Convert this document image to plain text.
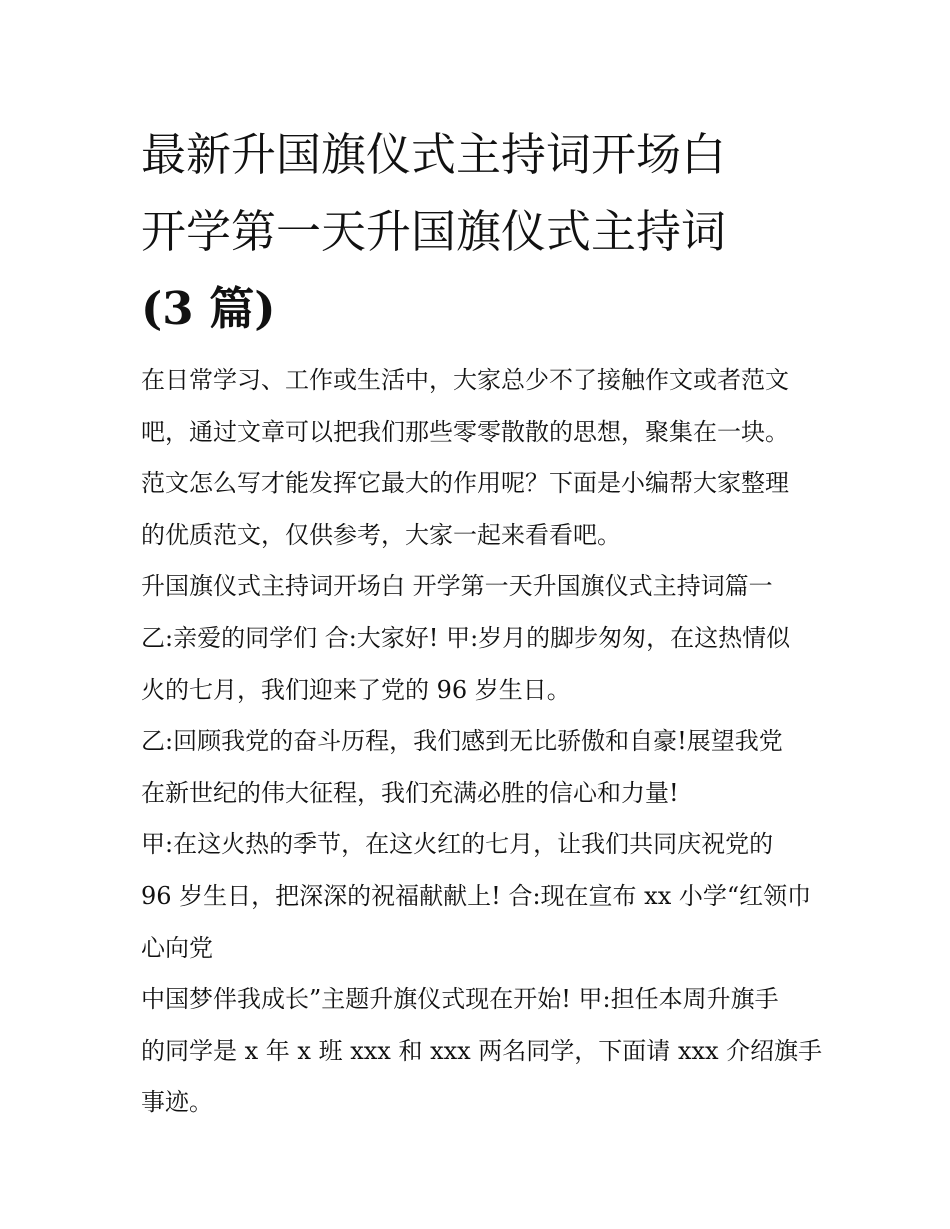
最新升国旗仪式主持词开场白
开学第一天升国旗仪式主持词
(3 篇)
在日常学习、工作或生活中，大家总少不了接触作文或者范文
吧，通过文章可以把我们那些零零散散的思想，聚集在一块。
范文怎么写才能发挥它最大的作用呢？下面是小编帮大家整理
的优质范文，仅供参考，大家一起来看看吧。
升国旗仪式主持词开场白 开学第一天升国旗仪式主持词篇一
乙:亲爱的同学们 合:大家好! 甲:岁月的脚步匆匆，在这热情似
火的七月，我们迎来了党的 96 岁生日。
乙:回顾我党的奋斗历程，我们感到无比骄傲和自豪!展望我党
在新世纪的伟大征程，我们充满必胜的信心和力量!
甲:在这火热的季节，在这火红的七月，让我们共同庆祝党的
96 岁生日，把深深的祝福献献上! 合:现在宣布 xx 小学“红领巾
心向党
中国梦伴我成长”主题升旗仪式现在开始! 甲:担任本周升旗手
的同学是 x 年 x 班 xxx 和 xxx 两名同学，下面请 xxx 介绍旗手
事迹。
